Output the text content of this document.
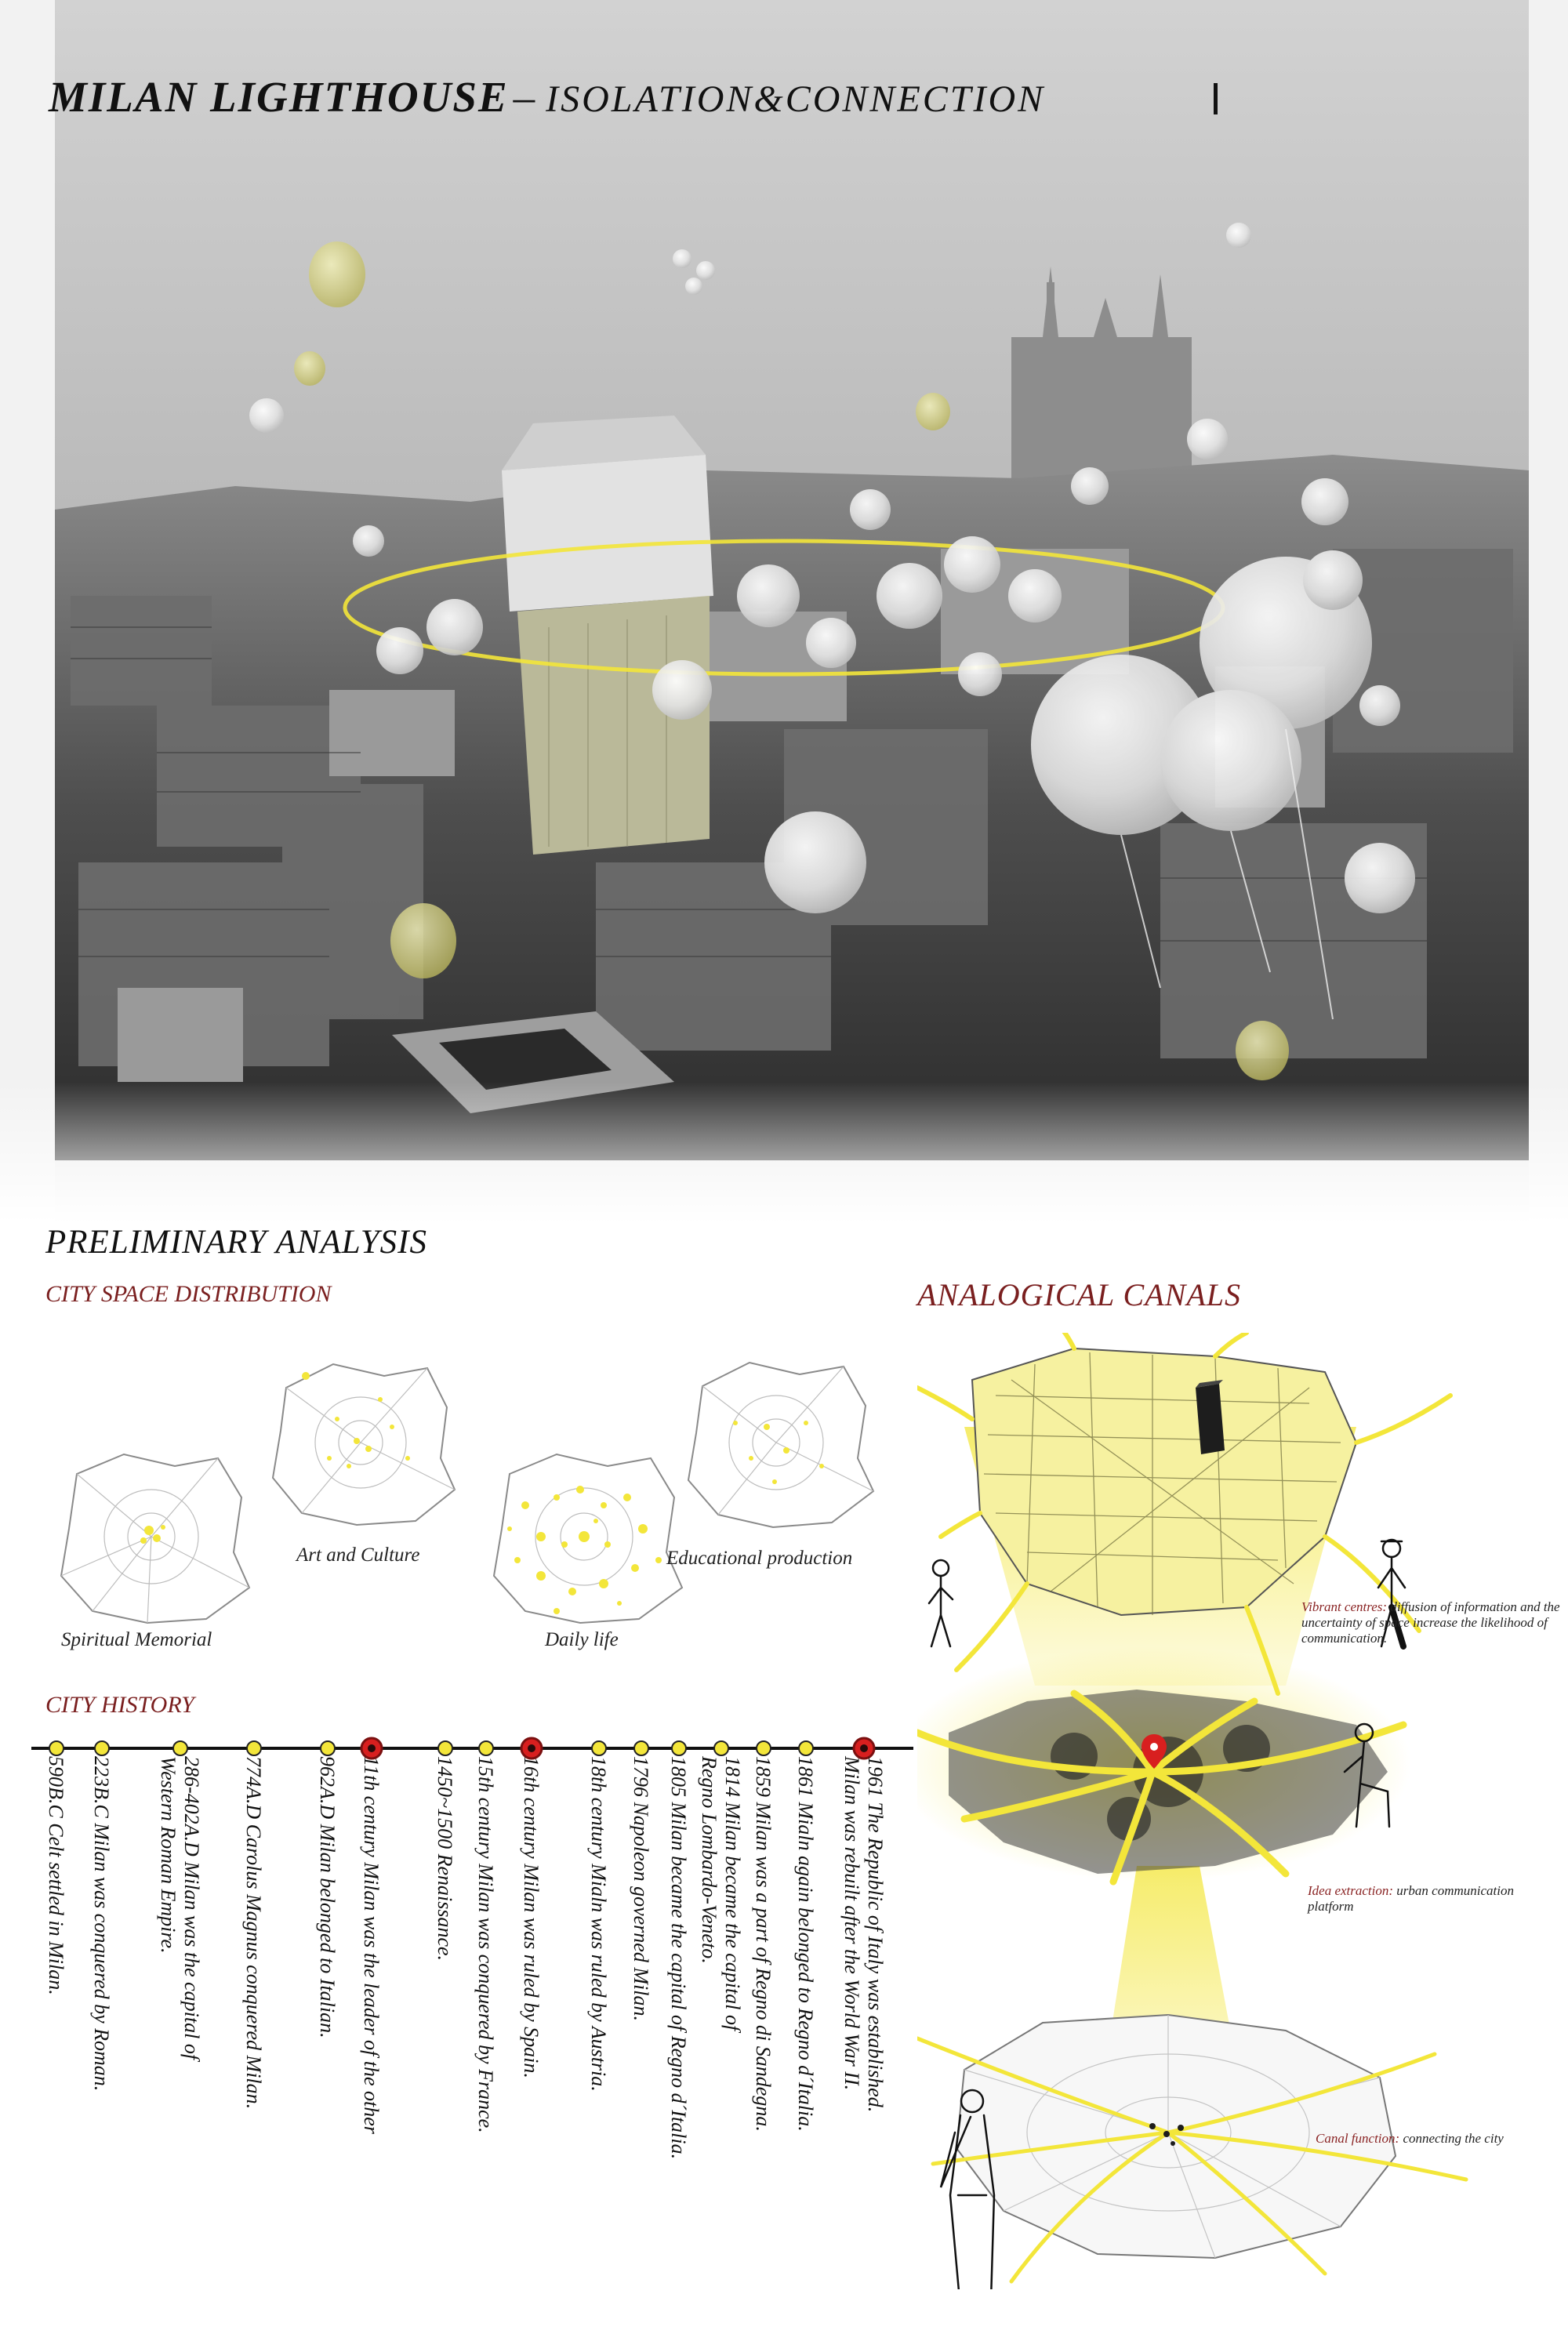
MILAN LIGHTHOUSE – ISOLATION&CONNECTION
PRELIMINARY ANALYSIS
CITY SPACE DISTRIBUTION	ANALOGICAL CANALS
CITY HISTORY
Spiritual Memorial
Art and Culture
Daily life
Educational production
590B.C Celt settled in Milan. 223B.C Milan was conquered by Roman.	286-402A.D Milan was the capital of
Western Roman Empire.	774A.D Carolus Magnus conquered Milan.	962A.D Milan belonged to Italian. 11th century Milan was the leader of the other	1450~1500 Renaissance. 15th century Milan was conquered by France. 16th century Milan was ruled by Spain. 18th century Mialn was ruled by Austria. 1796 Napoleon governed Milan. 1805 Milan became the capital of Regno d´Italia. 1814 Milan became the capital of
Regno Lombardo-Veneto. 1859 Milan was a part of Regno di Sandegna. 1861 Mialn again belonged to Regno d´Italia. 1961 The Republic of Italy was established.
Milan was rebuilt after the World War II.
Vibrant centres: diffusion of information and the uncertainty of space increase the likelihood of communication.
Idea extraction: urban communication platform
Canal function: connecting the city
